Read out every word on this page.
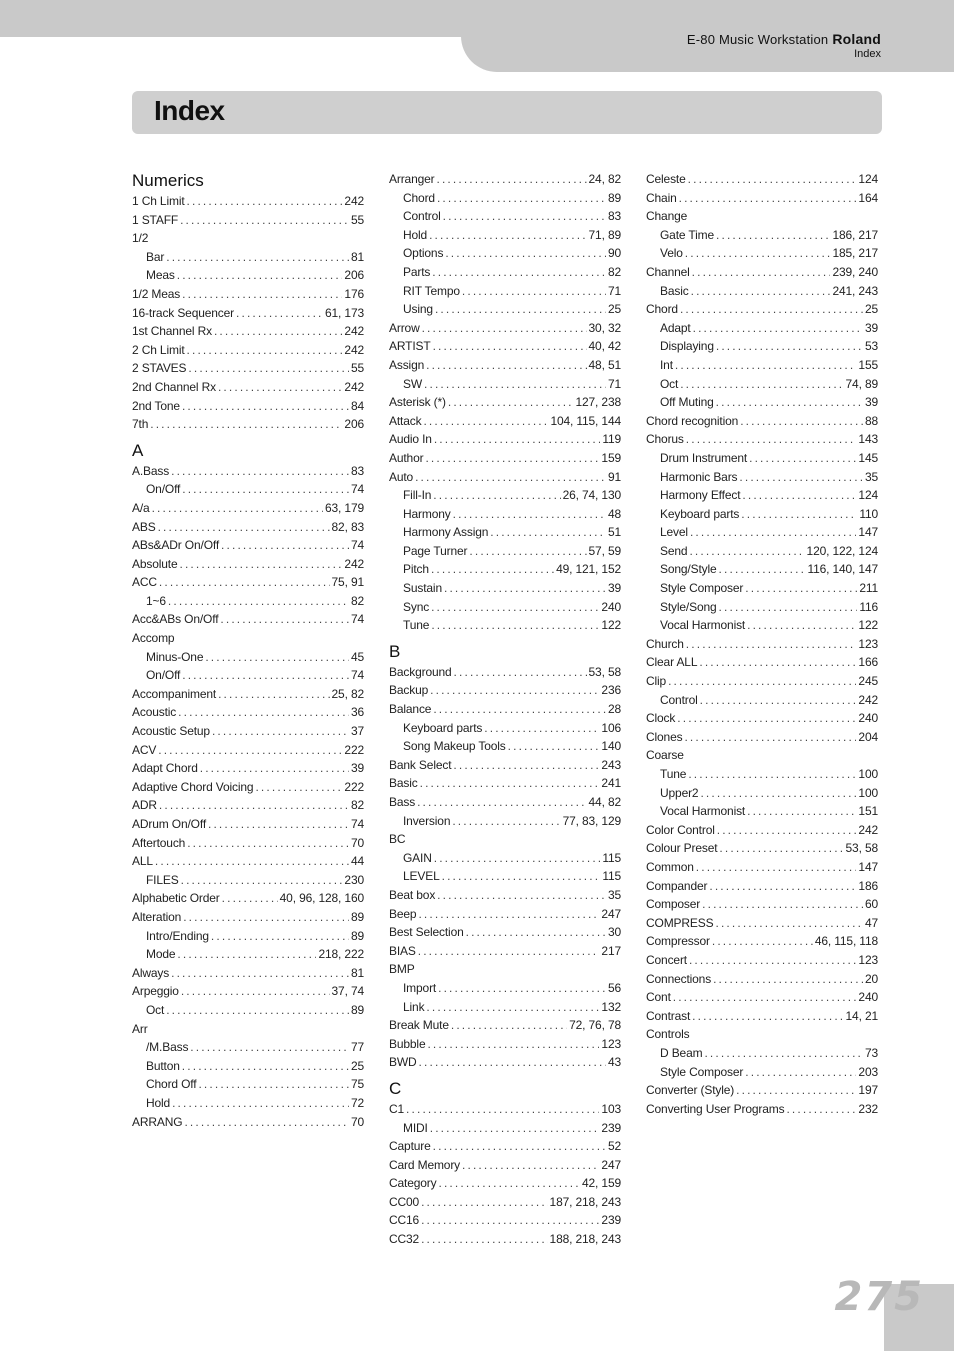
E-80 Music Workstation Roland
Index
Index
Numerics
1 Ch Limit . . .	242
1 STAFF . . .	55
1/2
Bar . . .	81
Meas . . .	206
1/2 Meas . . .	176
16-track Sequencer . . .	61, 173
1st Channel Rx . . .	242
2 Ch Limit . . .	242
2 STAVES . . .	55
2nd Channel Rx . . .	242
2nd Tone . . .	84
7th . . .	206
A
A.Bass . . .	83
On/Off . . .	74
A/a . . .	63, 179
ABS . . .	82, 83
ABs&ADr On/Off . . .	74
Absolute . . .	242
ACC . . .	75, 91
1~6 . . .	82
Acc&ABs On/Off . . .	74
Accomp
Minus-One . . .	45
On/Off . . .	74
Accompaniment . . .	25, 82
Acoustic . . .	36
Acoustic Setup . . .	37
ACV . . .	222
Adapt Chord . . .	39
Adaptive Chord Voicing . . .	222
ADR . . .	82
ADrum On/Off . . .	74
Aftertouch . . .	70
ALL . . .	44
FILES . . .	230
Alphabetic Order . . .	40, 96, 128, 160
Alteration . . .	89
Intro/Ending . . .	89
Mode . . .	218, 222
Always . . .	81
Arpeggio . . .	37, 74
Oct . . .	89
Arr
/M.Bass . . .	77
Button . . .	25
Chord Off . . .	75
Hold . . .	72
ARRANG . . .	70
Arranger . . .	24, 82
Chord . . .	89
Control . . .	83
Hold . . .	71, 89
Options . . .	90
Parts . . .	82
RIT Tempo . . .	71
Using . . .	25
Arrow . . .	30, 32
ARTIST . . .	40, 42
Assign . . .	48, 51
SW . . .	71
Asterisk (*) . . .	127, 238
Attack . . .	104, 115, 144
Audio In . . .	119
Author . . .	159
Auto . . .	91
Fill-In . . .	26, 74, 130
Harmony . . .	48
Harmony Assign . . .	51
Page Turner . . .	57, 59
Pitch . . .	49, 121, 152
Sustain . . .	39
Sync . . .	240
Tune . . .	122
B
Background . . .	53, 58
Backup . . .	236
Balance . . .	28
Keyboard parts . . .	106
Song Makeup Tools . . .	140
Bank Select . . .	243
Basic . . .	241
Bass . . .	44, 82
Inversion . . .	77, 83, 129
BC
GAIN . . .	115
LEVEL . . .	115
Beat box . . .	35
Beep . . .	247
Best Selection . . .	30
BIAS . . .	217
BMP
Import . . .	56
Link . . .	132
Break Mute . . .	72, 76, 78
Bubble . . .	123
BWD . . .	43
C
C1 . . .	103
MIDI . . .	239
Capture . . .	52
Card Memory . . .	247
Category . . .	42, 159
CC00 . . .	187, 218, 243
CC16 . . .	239
CC32 . . .	188, 218, 243
Celeste . . .	124
Chain . . .	164
Change
Gate Time . . .	186, 217
Velo . . .	185, 217
Channel . . .	239, 240
Basic . . .	241, 243
Chord . . .	25
Adapt . . .	39
Displaying . . .	53
Int . . .	155
Oct . . .	74, 89
Off Muting . . .	39
Chord recognition . . .	88
Chorus . . .	143
Drum Instrument . . .	145
Harmonic Bars . . .	35
Harmony Effect . . .	124
Keyboard parts . . .	110
Level . . .	147
Send . . .	120, 122, 124
Song/Style . . .	116, 140, 147
Style Composer . . .	211
Style/Song . . .	116
Vocal Harmonist . . .	122
Church . . .	123
Clear ALL . . .	166
Clip . . .	245
Control . . .	242
Clock . . .	240
Clones . . .	204
Coarse
Tune . . .	100
Upper2 . . .	100
Vocal Harmonist . . .	151
Color Control . . .	242
Colour Preset . . .	53, 58
Common . . .	147
Compander . . .	186
Composer . . .	60
COMPRESS . . .	47
Compressor . . .	46, 115, 118
Concert . . .	123
Connections . . .	20
Cont . . .	240
Contrast . . .	14, 21
Controls
D Beam . . .	73
Style Composer . . .	203
Converter (Style) . . .	197
Converting User Programs . . .	232
275
